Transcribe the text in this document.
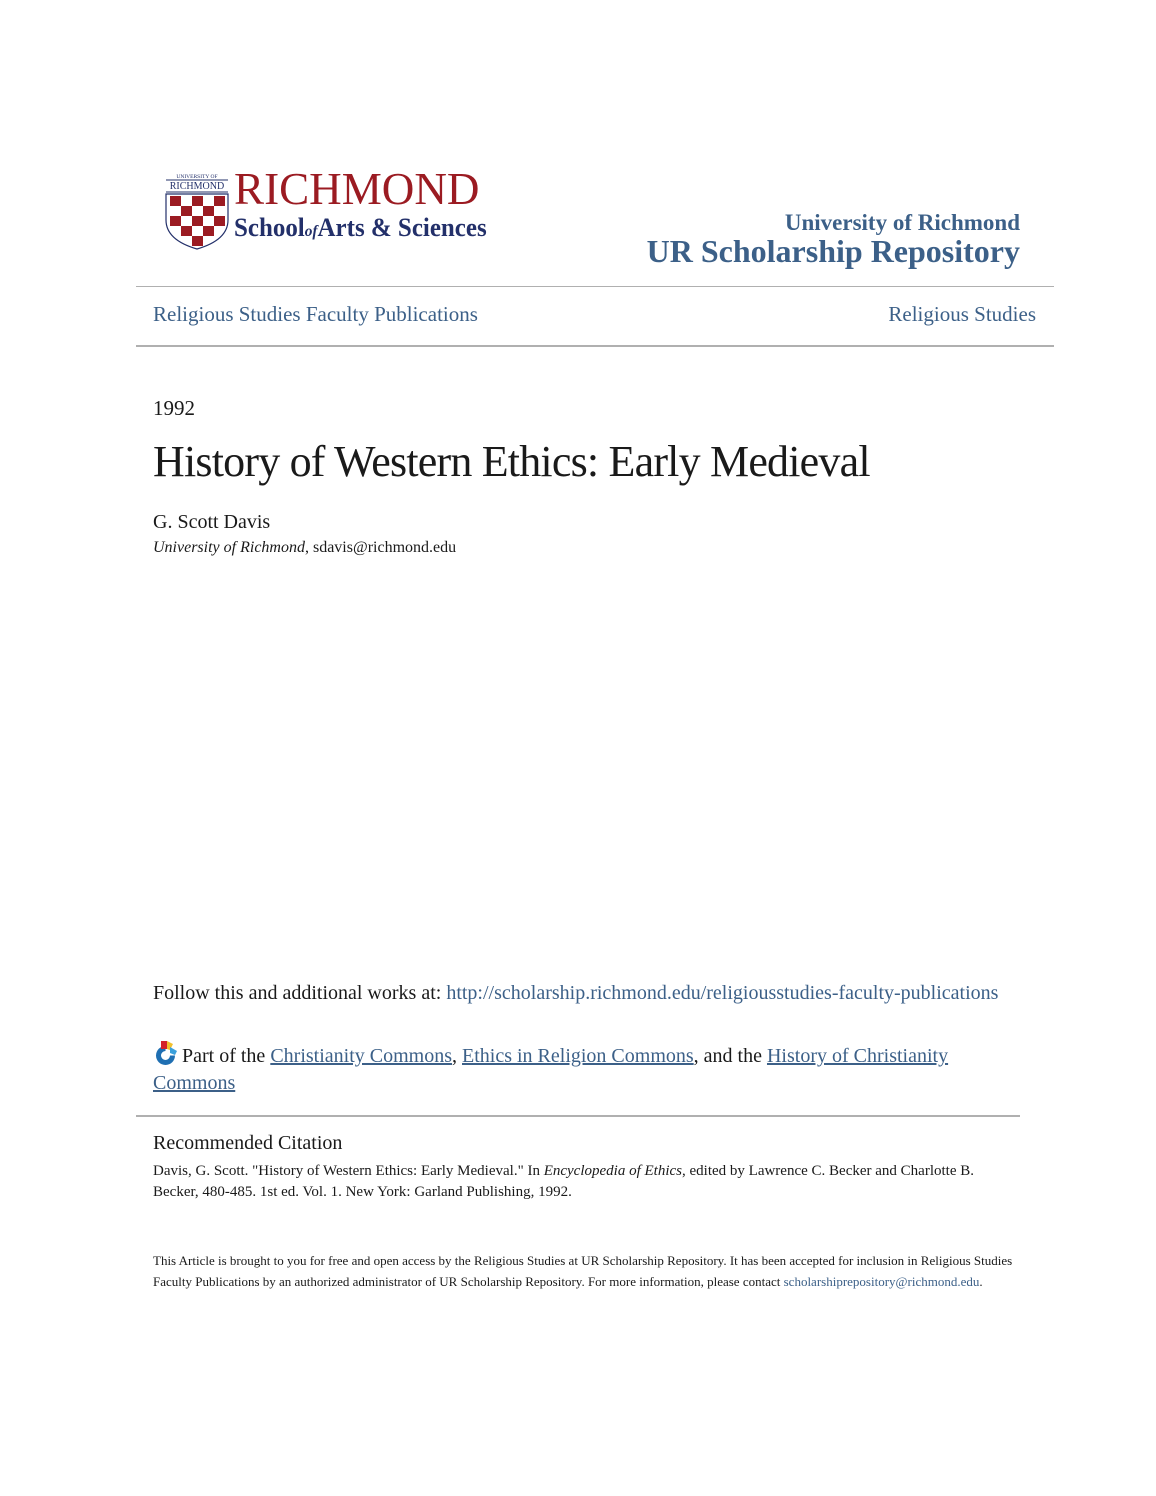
UNIVERSITY OF
RICHMOND RICHMOND
SchoolofArts & Sciences	University of Richmond
UR Scholarship Repository
Religious Studies Faculty Publications	Religious Studies
1992
History of Western Ethics: Early Medieval
G. Scott Davis
University of Richmond, sdavis@richmond.edu
Follow this and additional works at: http://scholarship.richmond.edu/religiousstudies-faculty-publications
Part of the Christianity Commons, Ethics in Religion Commons, and the History of Christianity Commons
Recommended Citation
Davis, G. Scott. "History of Western Ethics: Early Medieval." In Encyclopedia of Ethics, edited by Lawrence C. Becker and Charlotte B. Becker, 480-485. 1st ed. Vol. 1. New York: Garland Publishing, 1992.
This Article is brought to you for free and open access by the Religious Studies at UR Scholarship Repository. It has been accepted for inclusion in Religious Studies Faculty Publications by an authorized administrator of UR Scholarship Repository. For more information, please contact scholarshiprepository@richmond.edu.
